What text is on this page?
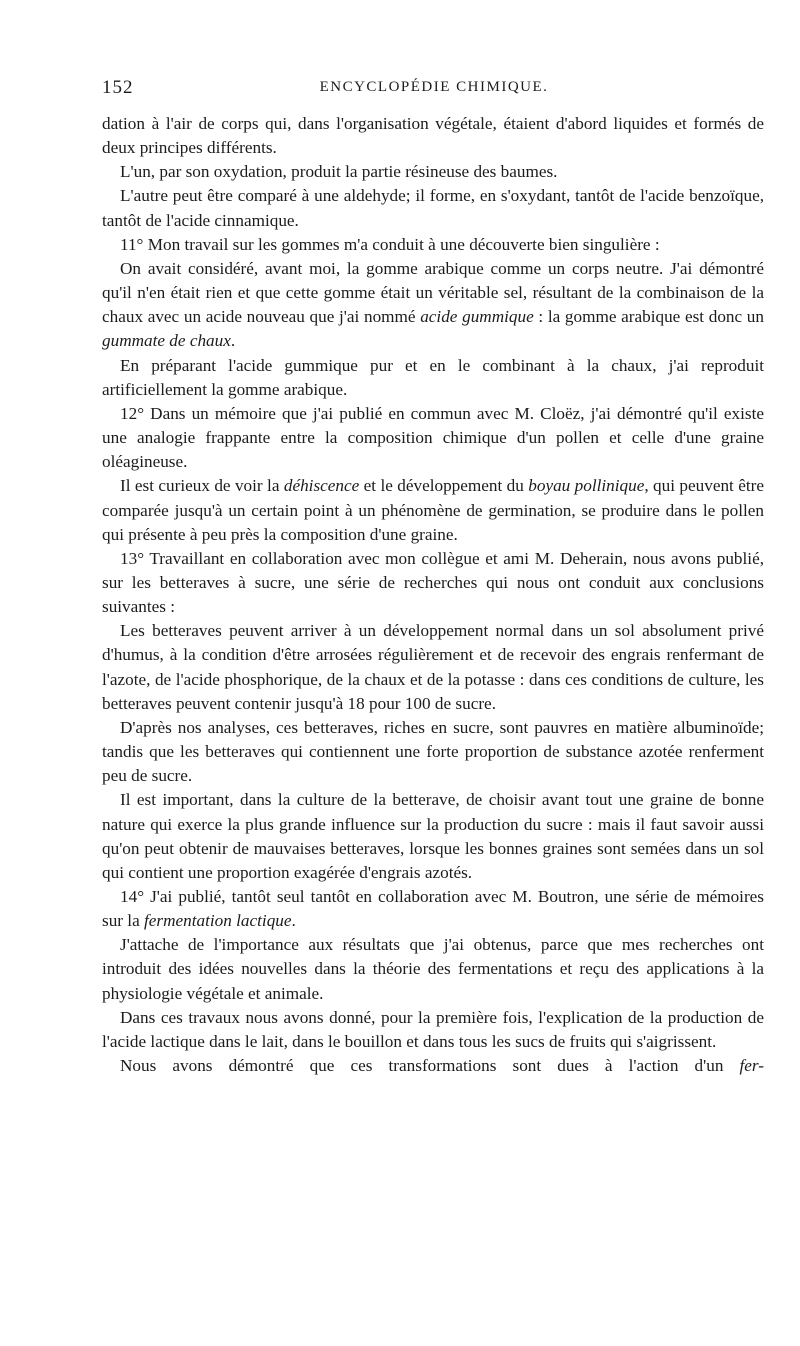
152	ENCYCLOPÉDIE CHIMIQUE.

dation à l'air de corps qui, dans l'organisation végétale, étaient d'abord liquides et formés de deux principes différents.

L'un, par son oxydation, produit la partie résineuse des baumes.

L'autre peut être comparé à une aldehyde; il forme, en s'oxydant, tantôt de l'acide benzoïque, tantôt de l'acide cinnamique.

11° Mon travail sur les gommes m'a conduit à une découverte bien singulière :

On avait considéré, avant moi, la gomme arabique comme un corps neutre. J'ai démontré qu'il n'en était rien et que cette gomme était un véritable sel, résultant de la combinaison de la chaux avec un acide nouveau que j'ai nommé acide gummique : la gomme arabique est donc un gummate de chaux.

En préparant l'acide gummique pur et en le combinant à la chaux, j'ai reproduit artificiellement la gomme arabique.

12° Dans un mémoire que j'ai publié en commun avec M. Cloëz, j'ai démontré qu'il existe une analogie frappante entre la composition chimique d'un pollen et celle d'une graine oléagineuse.

Il est curieux de voir la déhiscence et le développement du boyau pollinique, qui peuvent être comparée jusqu'à un certain point à un phénomène de germination, se produire dans le pollen qui présente à peu près la composition d'une graine.

13° Travaillant en collaboration avec mon collègue et ami M. Deherain, nous avons publié, sur les betteraves à sucre, une série de recherches qui nous ont conduit aux conclusions suivantes :

Les betteraves peuvent arriver à un développement normal dans un sol absolument privé d'humus, à la condition d'être arrosées régulièrement et de recevoir des engrais renfermant de l'azote, de l'acide phosphorique, de la chaux et de la potasse : dans ces conditions de culture, les betteraves peuvent contenir jusqu'à 18 pour 100 de sucre.

D'après nos analyses, ces betteraves, riches en sucre, sont pauvres en matière albuminoïde; tandis que les betteraves qui contiennent une forte proportion de substance azotée renferment peu de sucre.

Il est important, dans la culture de la betterave, de choisir avant tout une graine de bonne nature qui exerce la plus grande influence sur la production du sucre : mais il faut savoir aussi qu'on peut obtenir de mauvaises betteraves, lorsque les bonnes graines sont semées dans un sol qui contient une proportion exagérée d'engrais azotés.

14° J'ai publié, tantôt seul tantôt en collaboration avec M. Boutron, une série de mémoires sur la fermentation lactique.

J'attache de l'importance aux résultats que j'ai obtenus, parce que mes recherches ont introduit des idées nouvelles dans la théorie des fermentations et reçu des applications à la physiologie végétale et animale.

Dans ces travaux nous avons donné, pour la première fois, l'explication de la production de l'acide lactique dans le lait, dans le bouillon et dans tous les sucs de fruits qui s'aigrissent.

Nous avons démontré que ces transformations sont dues à l'action d'un fer-
